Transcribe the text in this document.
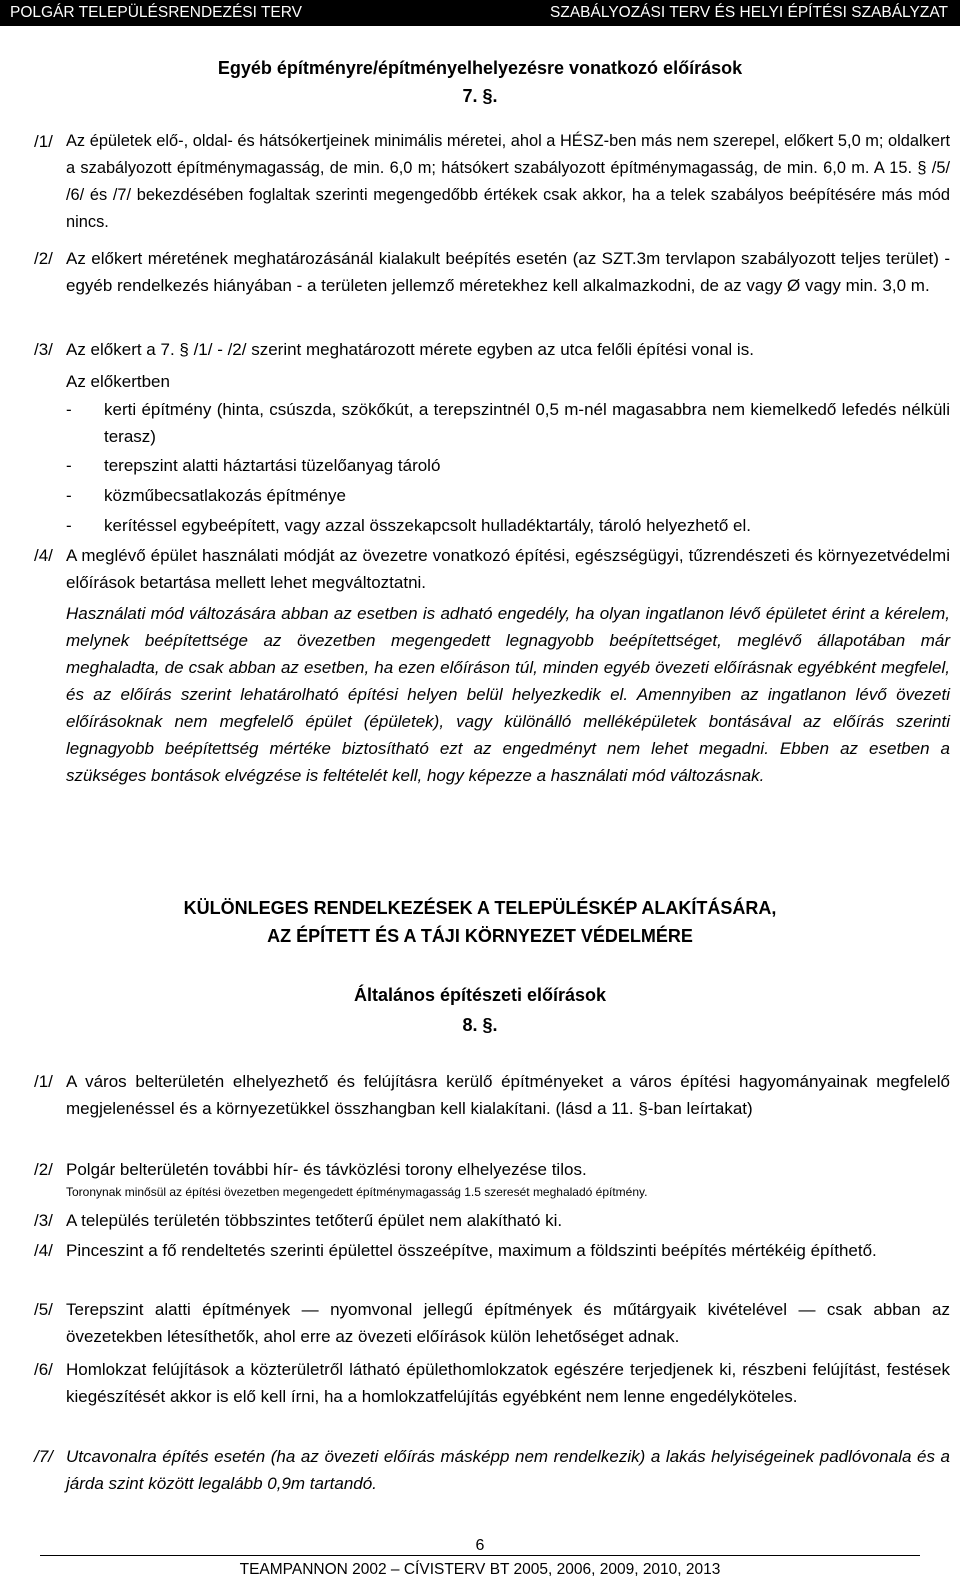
POLGÁR TELEPÜLÉSRENDEZÉSI TERV	SZABÁLYOZÁSI TERV ÉS HELYI ÉPÍTÉSI SZABÁLYZAT
Egyéb építményre/építményelhelyezésre vonatkozó előírások
7. §.
/1/ Az épületek elő-, oldal- és hátsókertjeinek minimális méretei, ahol a HÉSZ-ben más nem szerepel, előkert 5,0 m; oldalkert a szabályozott építménymagasság, de min. 6,0 m; hátsókert szabályozott építménymagasság, de min. 6,0 m. A 15. § /5/ /6/ és /7/ bekezdésében foglaltak szerinti megengedőbb értékek csak akkor, ha a telek szabályos beépítésére más mód nincs.
/2/ Az előkert méretének meghatározásánál kialakult beépítés esetén (az SZT.3m tervlapon szabályozott teljes terület) - egyéb rendelkezés hiányában - a területen jellemző méretekhez kell alkalmazkodni, de az vagy Ø vagy min. 3,0 m.
/3/ Az előkert a 7. § /1/ - /2/ szerint meghatározott mérete egyben az utca felőli építési vonal is.
Az előkertben
- kerti építmény (hinta, csúszda, szökőkút, a terepszintnél 0,5 m-nél magasabbra nem kiemelkedő lefedés nélküli terasz)
- terepszint alatti háztartási tüzelőanyag tároló
- közműbecsatlakozás építménye
- kerítéssel egybeépített, vagy azzal összekapcsolt hulladéktartály, tároló helyezhető el.
/4/ A meglévő épület használati módját az övezetre vonatkozó építési, egészségügyi, tűzrendészeti és környezetvédelmi előírások betartása mellett lehet megváltoztatni.
Használati mód változására abban az esetben is adható engedély, ha olyan ingatlanon lévő épületet érint a kérelem, melynek beépítettsége az övezetben megengedett legnagyobb beépítettséget, meglévő állapotában már meghaladta, de csak abban az esetben, ha ezen előíráson túl, minden egyéb övezeti előírásnak egyébként megfelel, és az előírás szerint lehatárolható építési helyen belül helyezkedik el. Amennyiben az ingatlanon lévő övezeti előírásoknak nem megfelelő épület (épületek), vagy különálló melléképületek bontásával az előírás szerinti legnagyobb beépítettség mértéke biztosítható ezt az engedményt nem lehet megadni. Ebben az esetben a szükséges bontások elvégzése is feltételét kell, hogy képezze a használati mód változásnak.
KÜLÖNLEGES RENDELKEZÉSEK A TELEPÜLÉSKÉP ALAKÍTÁSÁRA,
AZ ÉPÍTETT ÉS A TÁJI KÖRNYEZET VÉDELMÉRE
Általános építészeti előírások
8. §.
/1/ A város belterületén elhelyezhető és felújításra kerülő építményeket a város építési hagyományainak megfelelő megjelenéssel és a környezetükkel összhangban kell kialakítani. (lásd a 11. §-ban leírtakat)
/2/ Polgár belterületén további hír- és távközlési torony elhelyezése tilos.
Toronynak minősül az építési övezetben megengedett építménymagasság 1.5 szeresét meghaladó építmény.
/3/ A település területén többszintes tetőterű épület nem alakítható ki.
/4/ Pinceszint a fő rendeltetés szerinti épülettel összeépítve, maximum a földszinti beépítés mértékéig építhető.
/5/ Terepszint alatti építmények — nyomvonal jellegű építmények és műtárgyaik kivételével — csak abban az övezetekben létesíthetők, ahol erre az övezeti előírások külön lehetőséget adnak.
/6/ Homlokzat felújítások a közterületről látható épülethomlokzatok egészére terjedjenek ki, részbeni felújítást, festések kiegészítését akkor is elő kell írni, ha a homlokzatfelújítás egyébként nem lenne engedélyköteles.
/7/ Utcavonalra építés esetén (ha az övezeti előírás másképp nem rendelkezik) a lakás helyiségeinek padlóvonala és a járda szint között legalább 0,9m tartandó.
6
TEAMPANNON 2002 – CÍVISTERV BT 2005, 2006, 2009, 2010, 2013
